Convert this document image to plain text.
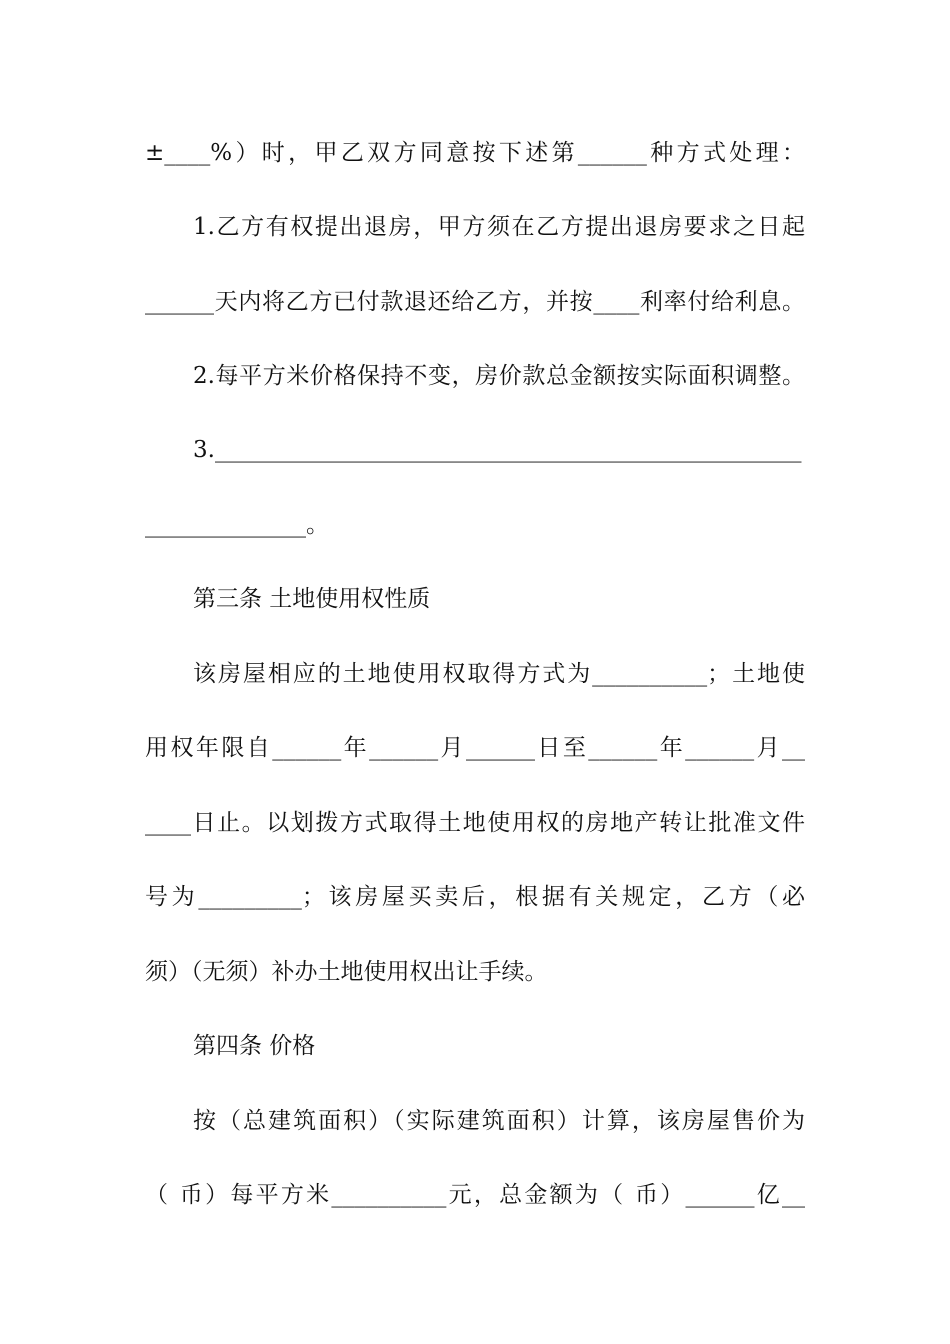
±____%）时，甲乙双方同意按下述第______种方式处理：
1.乙方有权提出退房，甲方须在乙方提出退房要求之日起
______天内将乙方已付款退还给乙方，并按____利率付给利息。
2.每平方米价格保持不变，房价款总金额按实际面积调整。
3.___________________________________________________
______________。
第三条 土地使用权性质
该房屋相应的土地使用权取得方式为__________；土地使
用权年限自______年______月______日至______年______月__
____日止。以划拨方式取得土地使用权的房地产转让批准文件
号为_________；该房屋买卖后，根据有关规定，乙方（必
须）（无须）补办土地使用权出让手续。
第四条 价格
按（总建筑面积）（实际建筑面积）计算，该房屋售价为
（ 币）每平方米__________元，总金额为（ 币）______亿__
